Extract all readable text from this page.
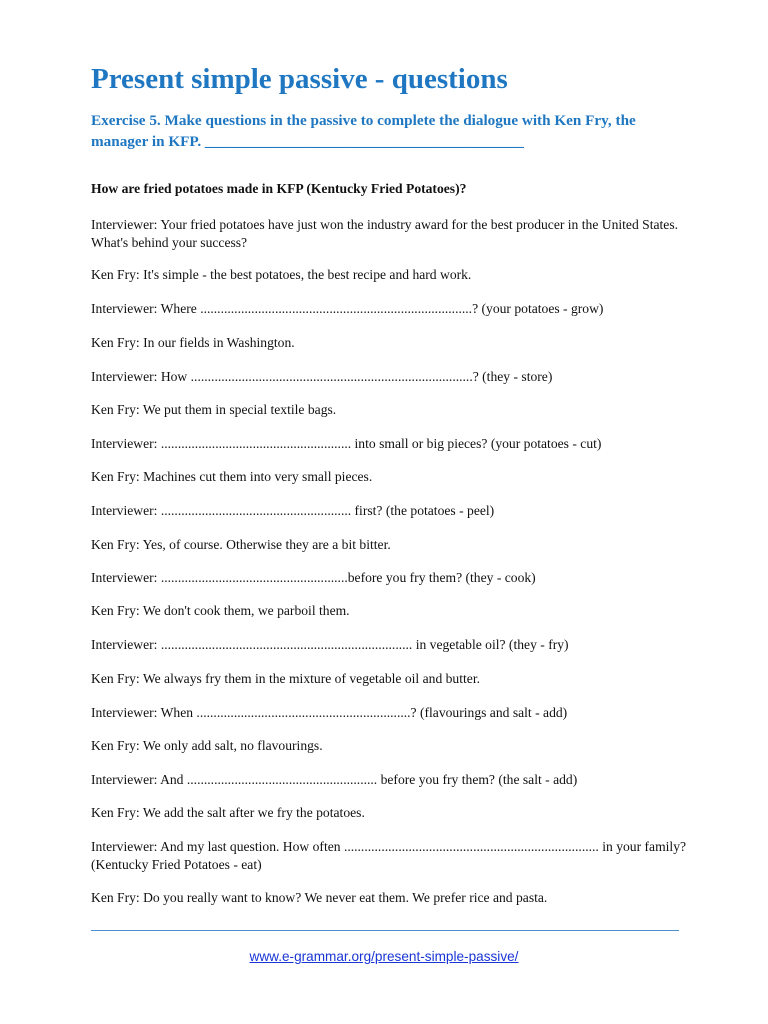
Present simple passive - questions

Exercise 5. Make questions in the passive to complete the dialogue with Ken Fry, the manager in KFP. __________________________________________

How are fried potatoes made in KFP (Kentucky Fried Potatoes)?

Interviewer: Your fried potatoes have just won the industry award for the best producer in the United States. What's behind your success?

Ken Fry: It's simple - the best potatoes, the best recipe and hard work.

Interviewer: Where ................................................................................? (your potatoes - grow)

Ken Fry: In our fields in Washington.

Interviewer: How ...................................................................................? (they - store)

Ken Fry: We put them in special textile bags.

Interviewer: ........................................................ into small or big pieces? (your potatoes - cut)

Ken Fry: Machines cut them into very small pieces.

Interviewer: ........................................................ first? (the potatoes - peel)

Ken Fry: Yes, of course. Otherwise they are a bit bitter.

Interviewer: .......................................................before you fry them? (they - cook)

Ken Fry: We don't cook them, we parboil them.

Interviewer: .......................................................................... in vegetable oil? (they - fry)

Ken Fry: We always fry them in the mixture of vegetable oil and butter.

Interviewer: When ...............................................................? (flavourings and salt - add)

Ken Fry: We only add salt, no flavourings.

Interviewer: And ........................................................ before you fry them? (the salt - add)

Ken Fry: We add the salt after we fry the potatoes.

Interviewer: And my last question. How often ........................................................................... in your family? (Kentucky Fried Potatoes - eat)

Ken Fry: Do you really want to know? We never eat them. We prefer rice and pasta.

www.e-grammar.org/present-simple-passive/
